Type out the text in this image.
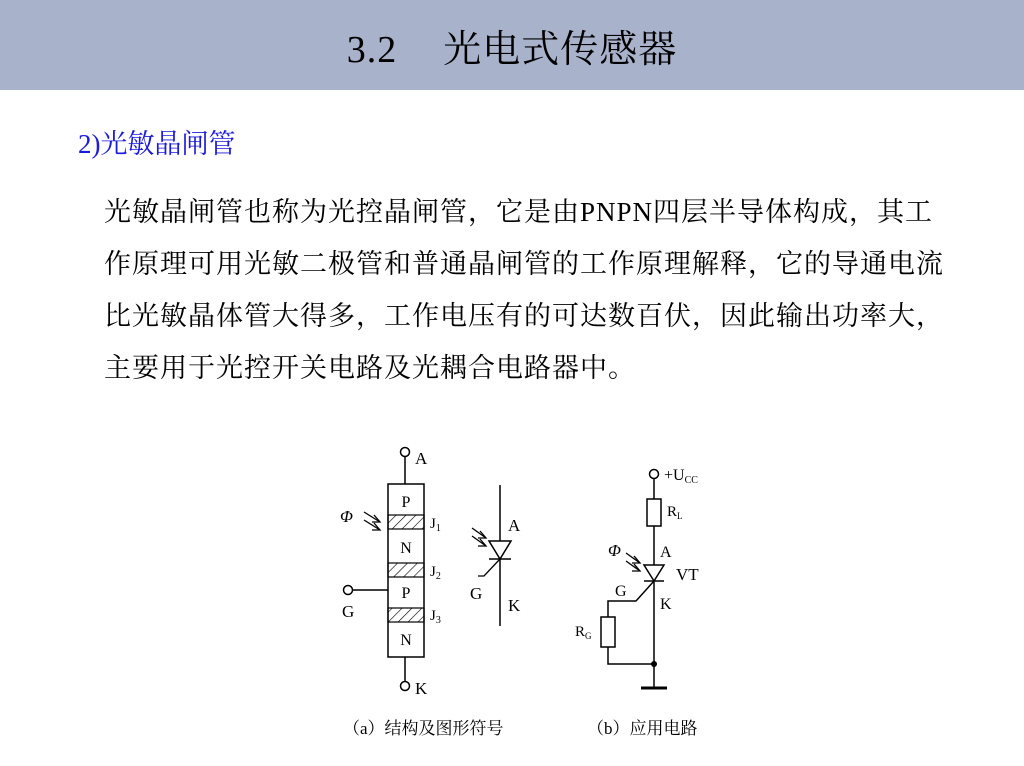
3.2 光电式传感器
2)光敏晶闸管
光敏晶闸管也称为光控晶闸管，它是由PNPN四层半导体构成，其工作原理可用光敏二极管和普通晶闸管的工作原理解释，它的导通电流比光敏晶体管大得多，工作电压有的可达数百伏，因此输出功率大，主要用于光控开关电路及光耦合电路器中。
A
P
N
P
N
$J_1$
$J_2$
$J_3$
Φ
G
K
A
G
K
+UCC
$R_L$
A
Φ
VT
G
K
$R_G$
（a）结构及图形符号	（b）应用电路
